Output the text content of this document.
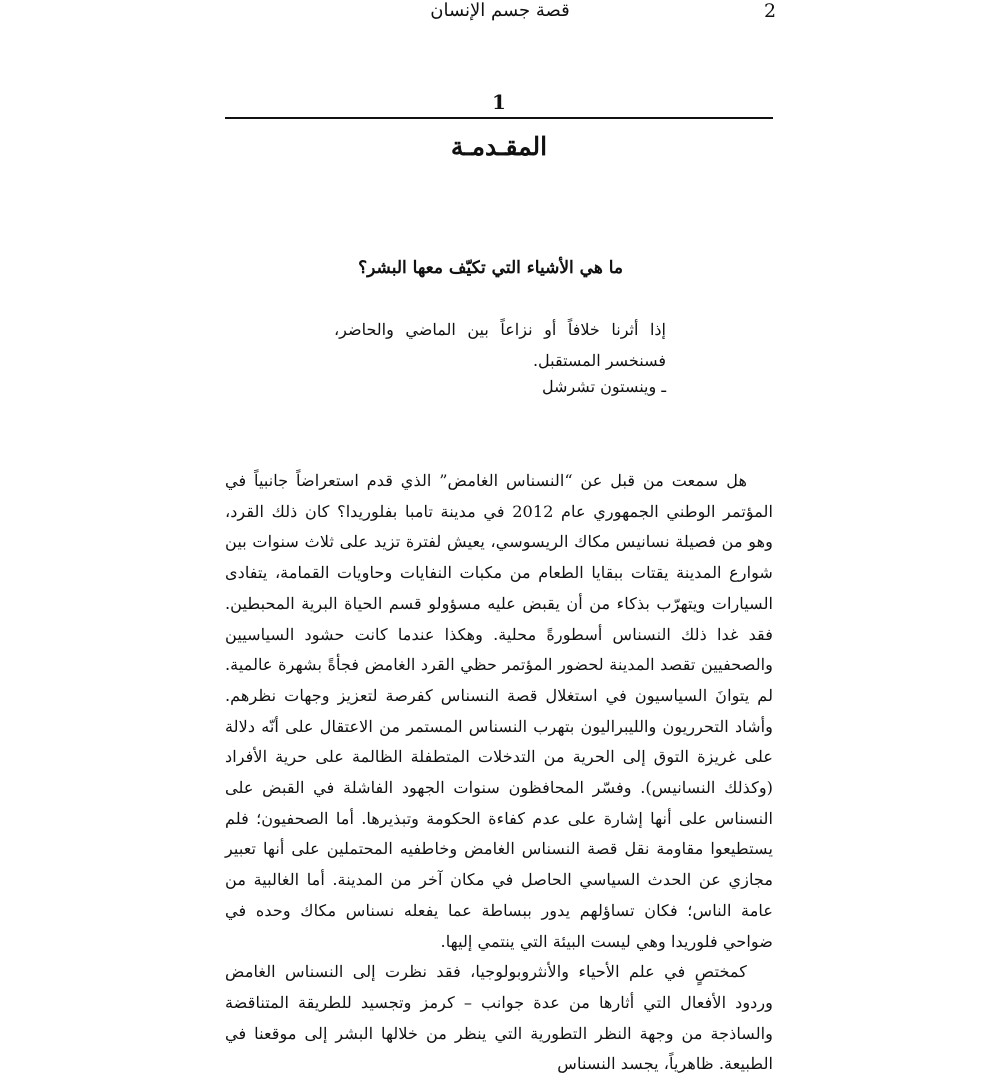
2
قصة جسم الإنسان
1
المقـدمـة
ما هي الأشياء التي تكيّف معها البشر؟
إذا أثرنا خلافاً أو نزاعاً بين الماضي والحاضر، فسنخسر المستقبل.
ـ وينستون تشرشل

هل سمعت من قبل عن “النسناس الغامض” الذي قدم استعراضاً جانبياً في المؤتمر الوطني الجمهوري عام 2012 في مدينة تامبا بفلوريدا؟ كان ذلك القرد، وهو من فصيلة نسانيس مكاك الريسوسي، يعيش لفترة تزيد على ثلاث سنوات بين شوارع المدينة يقتات ببقايا الطعام من مكبات النفايات وحاويات القمامة، يتفادى السيارات ويتهرّب بذكاء من أن يقبض عليه مسؤولو قسم الحياة البرية المحبطين. فقد غدا ذلك النسناس أسطورةً محلية. وهكذا عندما كانت حشود السياسيين والصحفيين تقصد المدينة لحضور المؤتمر حظي القرد الغامض فجأةً بشهرة عالمية. لم يتوانَ السياسيون في استغلال قصة النسناس كفرصة لتعزيز وجهات نظرهم. وأشاد التحرريون والليبراليون بتهرب النسناس المستمر من الاعتقال على أنّه دلالة على غريزة التوق إلى الحرية من التدخلات المتطفلة الظالمة على حرية الأفراد (وكذلك النسانيس). وفسّر المحافظون سنوات الجهود الفاشلة في القبض على النسناس على أنها إشارة على عدم كفاءة الحكومة وتبذيرها. أما الصحفيون؛ فلم يستطيعوا مقاومة نقل قصة النسناس الغامض وخاطفيه المحتملين على أنها تعبير مجازي عن الحدث السياسي الحاصل في مكان آخر من المدينة. أما الغالبية من عامة الناس؛ فكان تساؤلهم يدور ببساطة عما يفعله نسناس مكاك وحده في ضواحي فلوريدا وهي ليست البيئة التي ينتمي إليها.

كمختصٍ في علم الأحياء والأنثروبولوجيا، فقد نظرت إلى النسناس الغامض وردود الأفعال التي أثارها من عدة جوانب – كرمز وتجسيد للطريقة المتناقضة والساذجة من وجهة النظر التطورية التي ينظر من خلالها البشر إلى موقعنا في الطبيعة. ظاهرياً، يجسد النسناس
